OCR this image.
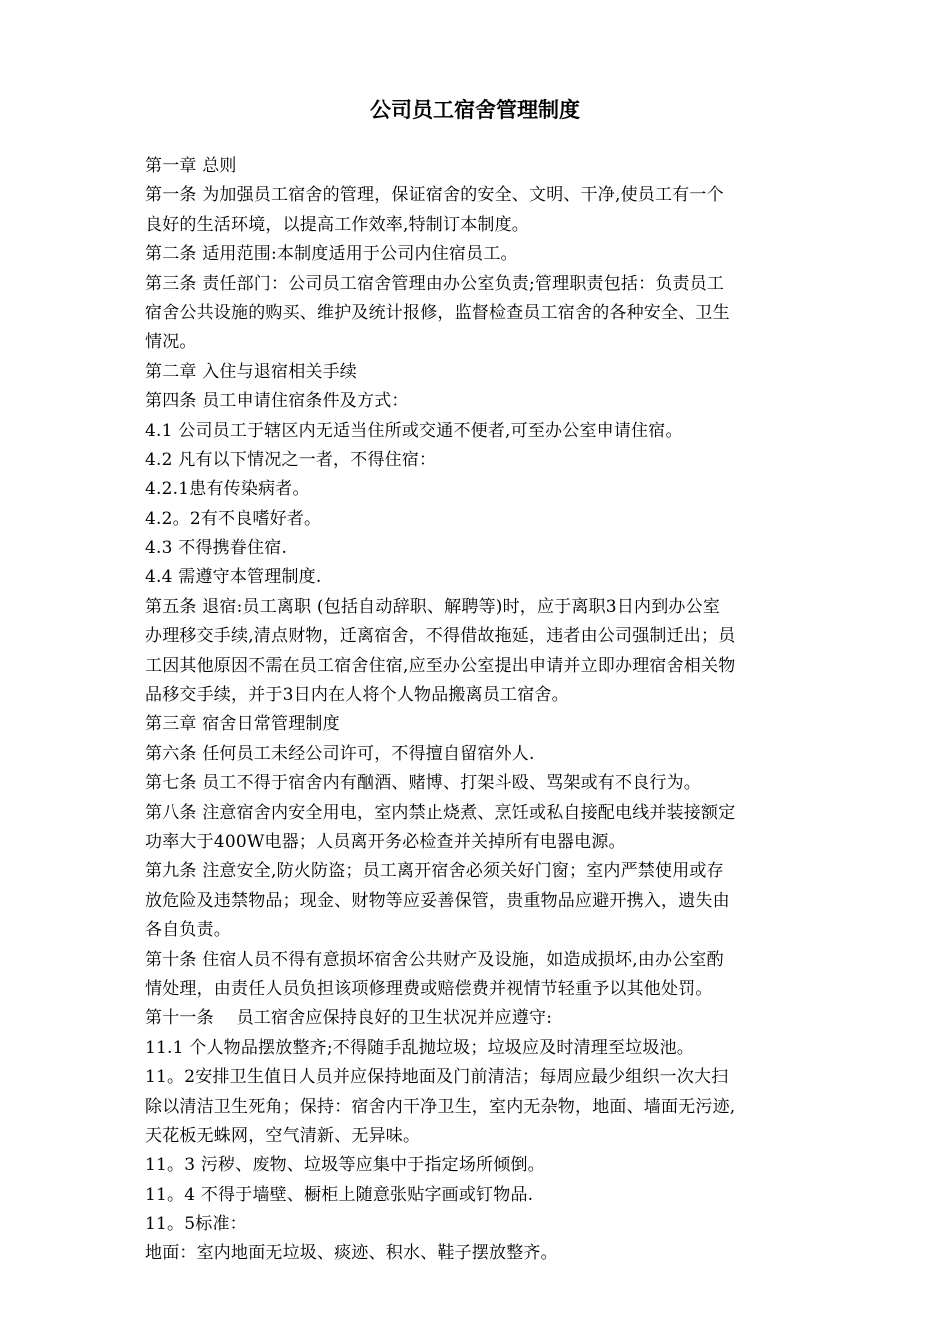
公司员工宿舍管理制度
第一章 总则
第一条 为加强员工宿舍的管理，保证宿舍的安全、文明、干净,使员工有一个
良好的生活环境，以提高工作效率,特制订本制度。
第二条 适用范围:本制度适用于公司内住宿员工。
第三条 责任部门：公司员工宿舍管理由办公室负责;管理职责包括：负责员工
宿舍公共设施的购买、维护及统计报修，监督检查员工宿舍的各种安全、卫生
情况。
第二章 入住与退宿相关手续
第四条 员工申请住宿条件及方式：
4.1 公司员工于辖区内无适当住所或交通不便者,可至办公室申请住宿。
4.2 凡有以下情况之一者，不得住宿：
4.2.1患有传染病者。
4.2。2有不良嗜好者。
4.3 不得携眷住宿.
4.4 需遵守本管理制度.
第五条 退宿:员工离职 (包括自动辞职、解聘等)时，应于离职3日内到办公室
办理移交手续,清点财物，迁离宿舍，不得借故拖延，违者由公司强制迁出；员
工因其他原因不需在员工宿舍住宿,应至办公室提出申请并立即办理宿舍相关物
品移交手续，并于3日内在人将个人物品搬离员工宿舍。
第三章 宿舍日常管理制度
第六条 任何员工未经公司许可，不得擅自留宿外人.
第七条 员工不得于宿舍内有酗酒、赌博、打架斗殴、骂架或有不良行为。
第八条 注意宿舍内安全用电，室内禁止烧煮、烹饪或私自接配电线并装接额定
功率大于400W电器；人员离开务必检查并关掉所有电器电源。
第九条 注意安全,防火防盗；员工离开宿舍必须关好门窗；室内严禁使用或存
放危险及违禁物品；现金、财物等应妥善保管，贵重物品应避开携入，遗失由
各自负责。
第十条 住宿人员不得有意损坏宿舍公共财产及设施，如造成损坏,由办公室酌
情处理，由责任人员负担该项修理费或赔偿费并视情节轻重予以其他处罚。
第十一条　 员工宿舍应保持良好的卫生状况并应遵守:
11.1 个人物品摆放整齐;不得随手乱抛垃圾；垃圾应及时清理至垃圾池。
11。2安排卫生值日人员并应保持地面及门前清洁；每周应最少组织一次大扫
除以清洁卫生死角；保持：宿舍内干净卫生，室内无杂物，地面、墙面无污迹,
天花板无蛛网，空气清新、无异味。
11。3 污秽、废物、垃圾等应集中于指定场所倾倒。
11。4 不得于墙壁、橱柜上随意张贴字画或钉物品.
11。5标准：
地面：室内地面无垃圾、痰迹、积水、鞋子摆放整齐。
